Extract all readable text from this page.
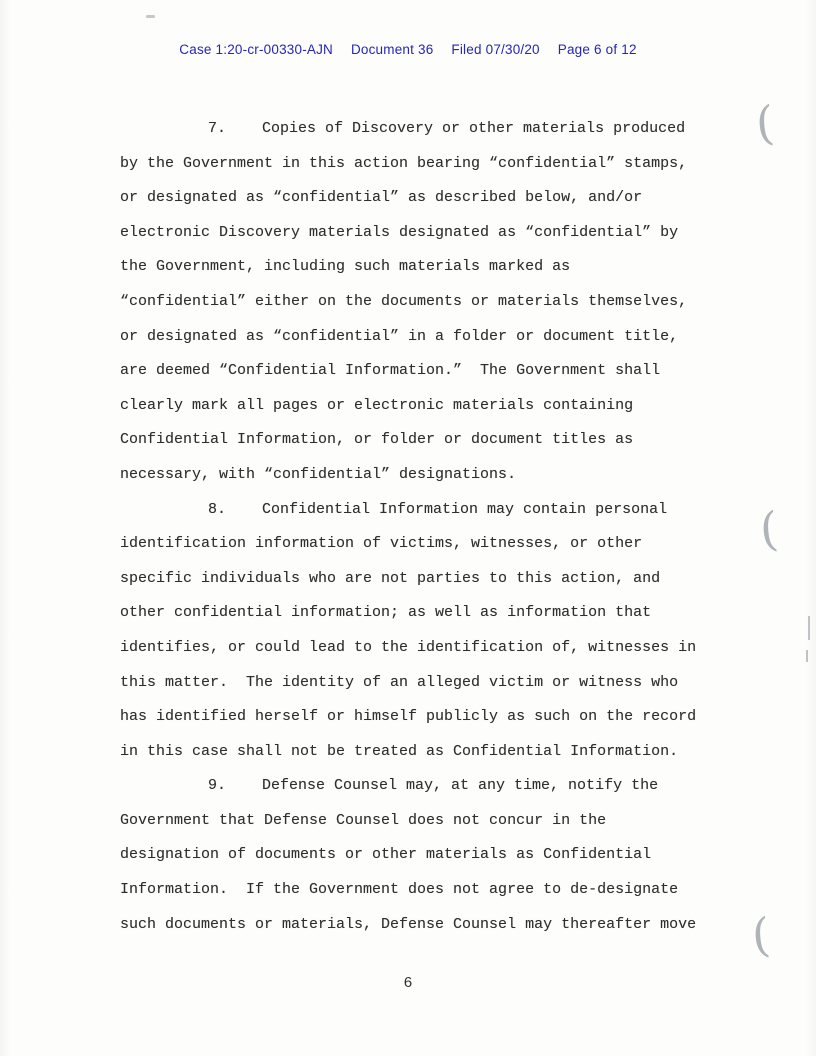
Case 1:20-cr-00330-AJN Document 36 Filed 07/30/20 Page 6 of 12

7.    Copies of Discovery or other materials produced by the Government in this action bearing “confidential” stamps, or designated as “confidential” as described below, and/or electronic Discovery materials designated as “confidential” by the Government, including such materials marked as “confidential” either on the documents or materials themselves, or designated as “confidential” in a folder or document title, are deemed “Confidential Information.”  The Government shall clearly mark all pages or electronic materials containing Confidential Information, or folder or document titles as necessary, with “confidential” designations.

8.    Confidential Information may contain personal identification information of victims, witnesses, or other specific individuals who are not parties to this action, and other confidential information; as well as information that identifies, or could lead to the identification of, witnesses in this matter.  The identity of an alleged victim or witness who has identified herself or himself publicly as such on the record in this case shall not be treated as Confidential Information.

9.    Defense Counsel may, at any time, notify the Government that Defense Counsel does not concur in the designation of documents or other materials as Confidential Information.  If the Government does not agree to de-designate such documents or materials, Defense Counsel may thereafter move

6
(
(
(
